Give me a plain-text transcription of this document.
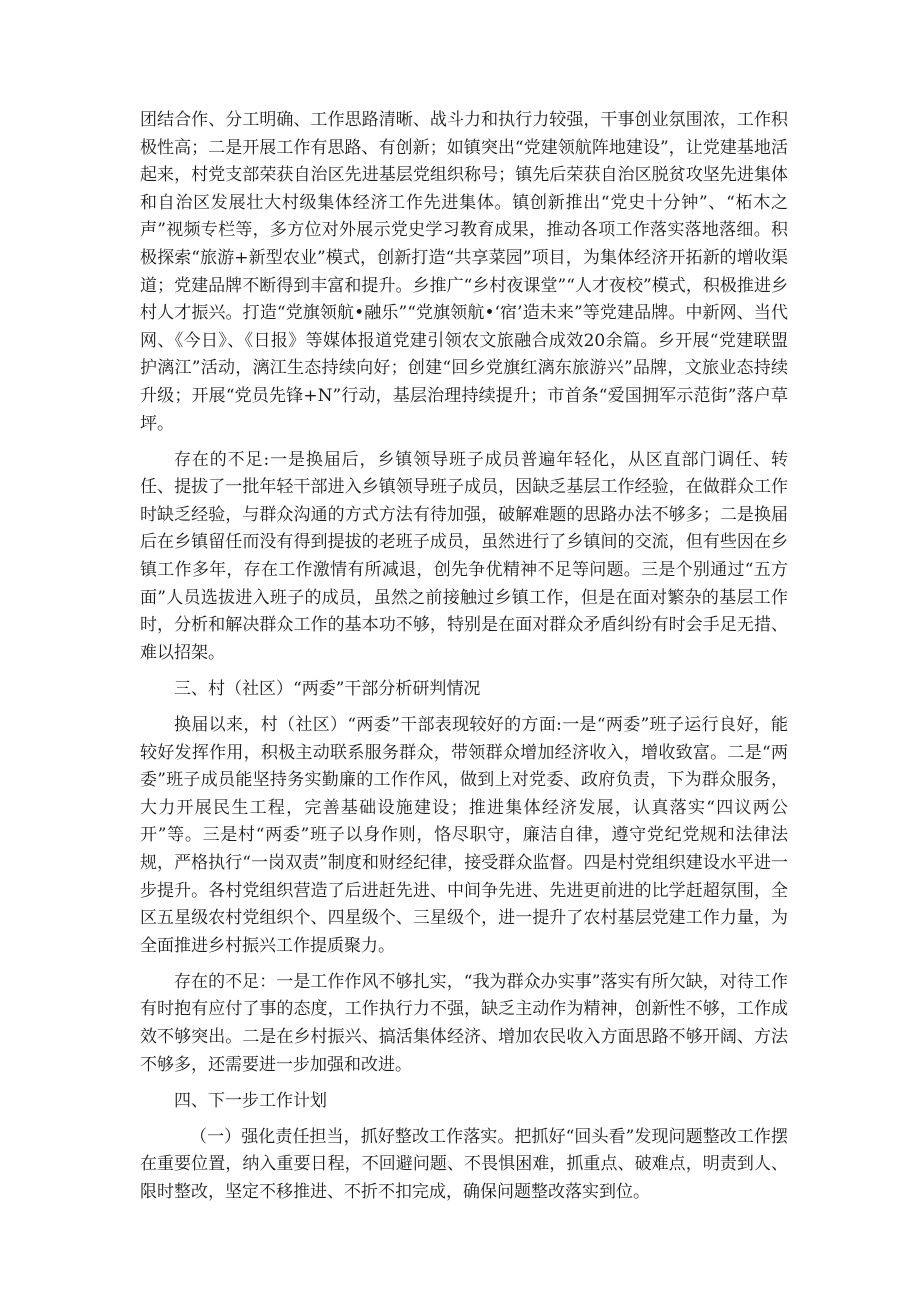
团结合作、分工明确、工作思路清晰、战斗力和执行力较强，干事创业氛围浓，工作积极性高；二是开展工作有思路、有创新；如镇突出“党建领航阵地建设”，让党建基地活起来，村党支部荣获自治区先进基层党组织称号；镇先后荣获自治区脱贫攻坚先进集体和自治区发展壮大村级集体经济工作先进集体。镇创新推出“党史十分钟”、“柘木之声”视频专栏等，多方位对外展示党史学习教育成果，推动各项工作落实落地落细。积极探索“旅游+新型农业”模式，创新打造“共享菜园”项目，为集体经济开拓新的增收渠道；党建品牌不断得到丰富和提升。乡推广“乡村夜课堂”“人才夜校”模式，积极推进乡村人才振兴。打造“党旗领航•融乐”“党旗领航•‘宿’造未来”等党建品牌。中新网、当代网、《今日》、《日报》等媒体报道党建引领农文旅融合成效20余篇。乡开展“党建联盟护漓江”活动，漓江生态持续向好；创建“回乡党旗红漓东旅游兴”品牌，文旅业态持续升级；开展“党员先锋+N”行动，基层治理持续提升；市首条“爱国拥军示范街”落户草坪。

存在的不足:一是换届后，乡镇领导班子成员普遍年轻化，从区直部门调任、转任、提拔了一批年轻干部进入乡镇领导班子成员，因缺乏基层工作经验，在做群众工作时缺乏经验，与群众沟通的方式方法有待加强，破解难题的思路办法不够多；二是换届后在乡镇留任而没有得到提拔的老班子成员，虽然进行了乡镇间的交流，但有些因在乡镇工作多年，存在工作激情有所减退，创先争优精神不足等问题。三是个别通过“五方面”人员选拔进入班子的成员，虽然之前接触过乡镇工作，但是在面对繁杂的基层工作时，分析和解决群众工作的基本功不够，特别是在面对群众矛盾纠纷有时会手足无措、难以招架。

三、村（社区）“两委”干部分析研判情况

换届以来，村（社区）“两委”干部表现较好的方面:一是“两委”班子运行良好，能较好发挥作用，积极主动联系服务群众，带领群众增加经济收入，增收致富。二是“两委”班子成员能坚持务实勤廉的工作作风，做到上对党委、政府负责，下为群众服务，大力开展民生工程，完善基础设施建设；推进集体经济发展，认真落实“四议两公开”等。三是村“两委”班子以身作则，恪尽职守，廉洁自律，遵守党纪党规和法律法规，严格执行“一岗双责”制度和财经纪律，接受群众监督。四是村党组织建设水平进一步提升。各村党组织营造了后进赶先进、中间争先进、先进更前进的比学赶超氛围，全区五星级农村党组织个、四星级个、三星级个，进一提升了农村基层党建工作力量，为全面推进乡村振兴工作提质聚力。

存在的不足：一是工作作风不够扎实，“我为群众办实事”落实有所欠缺，对待工作有时抱有应付了事的态度，工作执行力不强，缺乏主动作为精神，创新性不够，工作成效不够突出。二是在乡村振兴、搞活集体经济、增加农民收入方面思路不够开阔、方法不够多，还需要进一步加强和改进。

四、下一步工作计划

（一）强化责任担当，抓好整改工作落实。把抓好“回头看”发现问题整改工作摆在重要位置，纳入重要日程，不回避问题、不畏惧困难，抓重点、破难点，明责到人、限时整改，坚定不移推进、不折不扣完成，确保问题整改落实到位。
